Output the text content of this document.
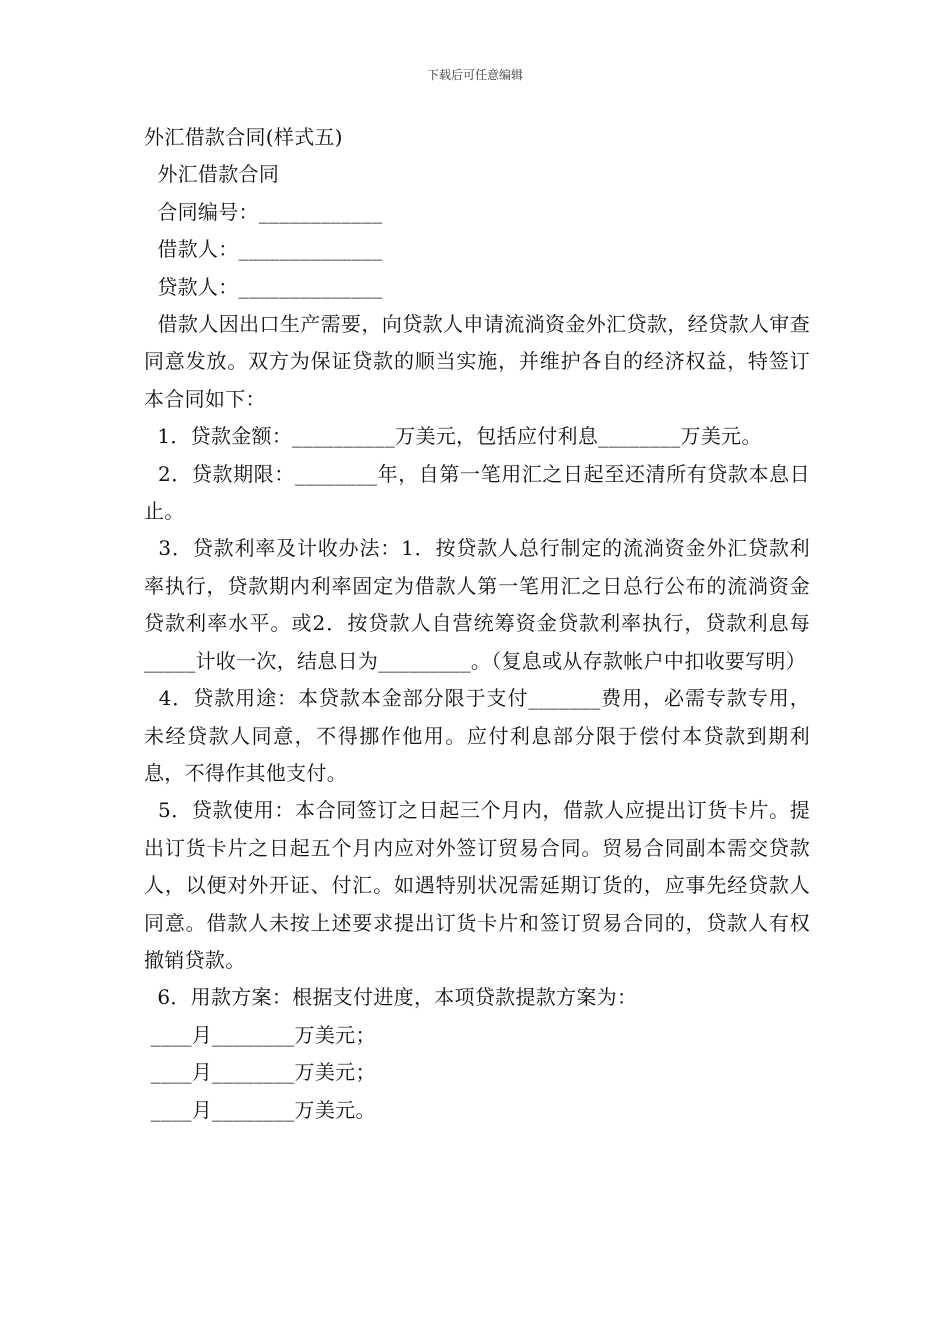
下载后可任意编辑
外汇借款合同(样式五)
外汇借款合同
合同编号：____________
借款人：______________
贷款人：______________
借款人因出口生产需要，向贷款人申请流淌资金外汇贷款，经贷款人审查同意发放。双方为保证贷款的顺当实施，并维护各自的经济权益，特签订本合同如下：
1．贷款金额：__________万美元，包括应付利息________万美元。
2．贷款期限：________年，自第一笔用汇之日起至还清所有贷款本息日止。
3．贷款利率及计收办法：1．按贷款人总行制定的流淌资金外汇贷款利率执行，贷款期内利率固定为借款人第一笔用汇之日总行公布的流淌资金贷款利率水平。或2．按贷款人自营统筹资金贷款利率执行，贷款利息每_____计收一次，结息日为_________。（复息或从存款帐户中扣收要写明）
4．贷款用途：本贷款本金部分限于支付_______费用，必需专款专用，未经贷款人同意，不得挪作他用。应付利息部分限于偿付本贷款到期利息，不得作其他支付。
5．贷款使用：本合同签订之日起三个月内，借款人应提出订货卡片。提出订货卡片之日起五个月内应对外签订贸易合同。贸易合同副本需交贷款人，以便对外开证、付汇。如遇特别状况需延期订货的，应事先经贷款人同意。借款人未按上述要求提出订货卡片和签订贸易合同的，贷款人有权撤销贷款。
6．用款方案：根据支付进度，本项贷款提款方案为：
____月________万美元；
____月________万美元；
____月________万美元。
